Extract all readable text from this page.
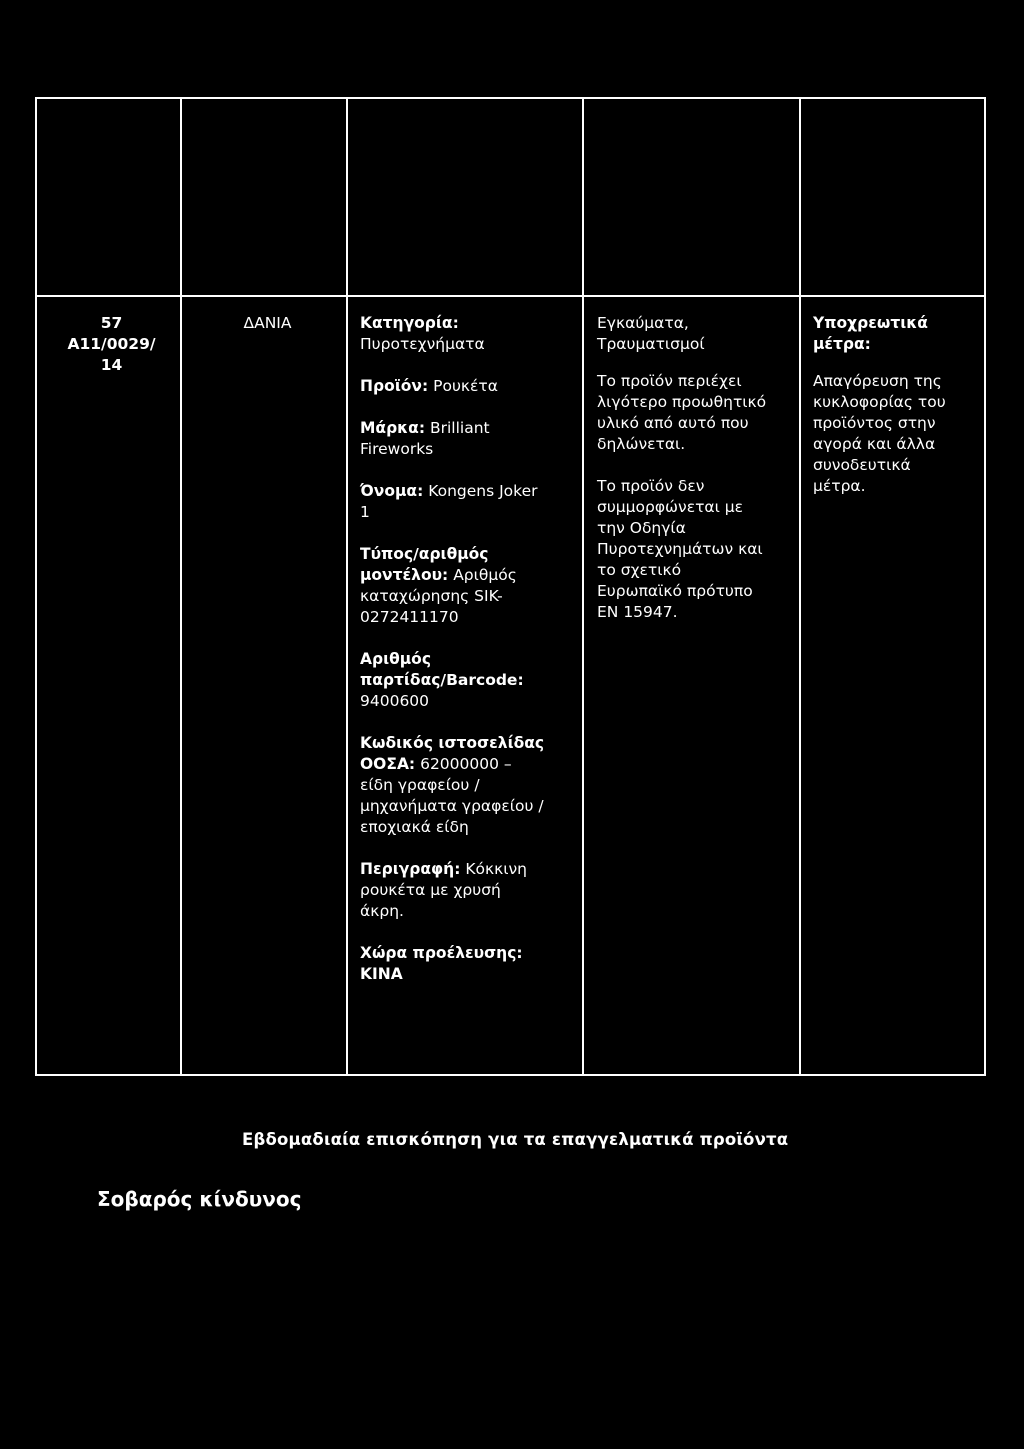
57
A11/0029/
14
ΔΑΝΙΑ	Κατηγορία:
Πυροτεχνήματα
Προϊόν: Ρουκέτα
Μάρκα: Brilliant
Fireworks
Όνομα: Kongens Joker
1
Τύπος/αριθμός
μοντέλου: Αριθμός
καταχώρησης SIK-
0272411170
Αριθμός
παρτίδας/Barcode:
9400600
Κωδικός ιστοσελίδας
ΟΟΣΑ: 62000000 –
είδη γραφείου /
μηχανήματα γραφείου /
εποχιακά είδη
Περιγραφή: Κόκκινη
ρουκέτα με χρυσή
άκρη.
Χώρα προέλευσης:
ΚΙΝΑ
Εγκαύματα,
Τραυματισμοί
Το προϊόν περιέχει
λιγότερο προωθητικό
υλικό από αυτό που
δηλώνεται.
Το προϊόν δεν
συμμορφώνεται με
την Οδηγία
Πυροτεχνημάτων και
το σχετικό
Ευρωπαϊκό πρότυπο
EN 15947.
Υποχρεωτικά
μέτρα:
Απαγόρευση της
κυκλοφορίας του
προϊόντος στην
αγορά και άλλα
συνοδευτικά
μέτρα.
Εβδομαδιαία επισκόπηση για τα επαγγελματικά προϊόντα
Σοβαρός κίνδυνος
